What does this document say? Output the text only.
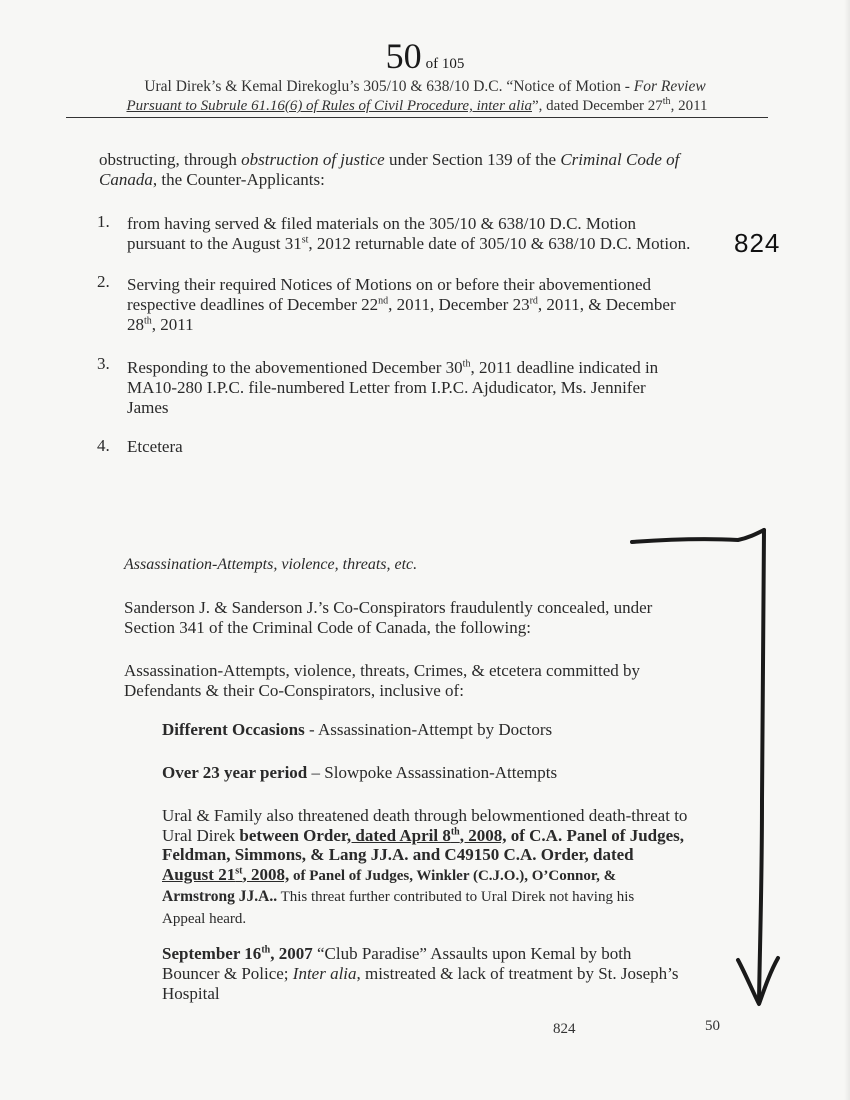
50 of 105
Ural Direk’s & Kemal Direkoglu’s 305/10 & 638/10 D.C. “Notice of Motion - For Review
Pursuant to Subrule 61.16(6) of Rules of Civil Procedure, inter alia”, dated December 27th, 2011
obstructing, through obstruction of justice under Section 139 of the Criminal Code of
Canada, the Counter-Applicants:
1.	from having served & filed materials on the 305/10 & 638/10 D.C. Motion
pursuant to the August 31st, 2012 returnable date of 305/10 & 638/10 D.C. Motion.	824
2.	Serving their required Notices of Motions on or before their abovementioned
respective deadlines of December 22nd, 2011, December 23rd, 2011, & December
28th, 2011
3.	Responding to the abovementioned December 30th, 2011 deadline indicated in
MA10-280 I.P.C. file-numbered Letter from I.P.C. Ajdudicator, Ms. Jennifer
James
4.	Etcetera
Assassination-Attempts, violence, threats, etc.
Sanderson J. & Sanderson J.’s Co-Conspirators fraudulently concealed, under
Section 341 of the Criminal Code of Canada, the following:
Assassination-Attempts, violence, threats, Crimes, & etcetera committed by
Defendants & their Co-Conspirators, inclusive of:
Different Occasions - Assassination-Attempt by Doctors
Over 23 year period – Slowpoke Assassination-Attempts
Ural & Family also threatened death through belowmentioned death-threat to
Ural Direk between Order, dated April 8th, 2008, of C.A. Panel of Judges,
Feldman, Simmons, & Lang JJ.A. and C49150 C.A. Order, dated
August 21st, 2008, of Panel of Judges, Winkler (C.J.O.), O’Connor, &
Armstrong JJ.A.. This threat further contributed to Ural Direk not having his
Appeal heard.
September 16th, 2007 “Club Paradise” Assaults upon Kemal by both
Bouncer & Police; Inter alia, mistreated & lack of treatment by St. Joseph’s
Hospital
824	50
